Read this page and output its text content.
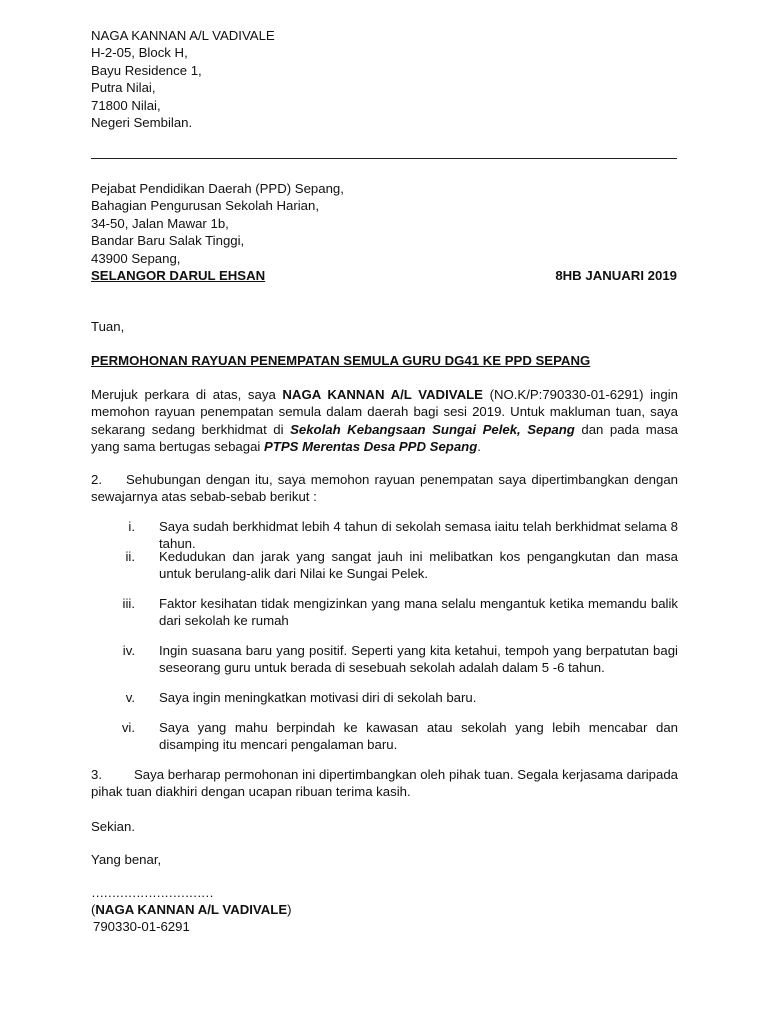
NAGA KANNAN A/L VADIVALE
H-2-05, Block H,
Bayu Residence 1,
Putra Nilai,
71800 Nilai,
Negeri Sembilan.
Pejabat Pendidikan Daerah (PPD) Sepang,
Bahagian Pengurusan Sekolah Harian,
34-50, Jalan Mawar 1b,
Bandar Baru Salak Tinggi,
43900 Sepang,
SELANGOR DARUL EHSAN	8HB JANUARI 2019
Tuan,
PERMOHONAN RAYUAN PENEMPATAN SEMULA GURU DG41 KE PPD SEPANG
Merujuk perkara di atas, saya NAGA KANNAN A/L VADIVALE (NO.K/P:790330-01-6291) ingin memohon rayuan penempatan semula dalam daerah bagi sesi 2019. Untuk makluman tuan, saya sekarang sedang berkhidmat di Sekolah Kebangsaan Sungai Pelek, Sepang dan pada masa yang sama bertugas sebagai PTPS Merentas Desa PPD Sepang.
2. Sehubungan dengan itu, saya memohon rayuan penempatan saya dipertimbangkan dengan sewajarnya atas sebab-sebab berikut :
i. Saya sudah berkhidmat lebih 4 tahun di sekolah semasa iaitu telah berkhidmat selama 8 tahun.
ii. Kedudukan dan jarak yang sangat jauh ini melibatkan kos pengangkutan dan masa untuk berulang-alik dari Nilai ke Sungai Pelek.
iii. Faktor kesihatan tidak mengizinkan yang mana selalu mengantuk ketika memandu balik dari sekolah ke rumah
iv. Ingin suasana baru yang positif. Seperti yang kita ketahui, tempoh yang berpatutan bagi seseorang guru untuk berada di sesebuah sekolah adalah dalam 5 -6 tahun.
v. Saya ingin meningkatkan motivasi diri di sekolah baru.
vi. Saya yang mahu berpindah ke kawasan atau sekolah yang lebih mencabar dan disamping itu mencari pengalaman baru.
3. Saya berharap permohonan ini dipertimbangkan oleh pihak tuan. Segala kerjasama daripada pihak tuan diakhiri dengan ucapan ribuan terima kasih.
Sekian.
Yang benar,
…………………………
(NAGA KANNAN A/L VADIVALE)
790330-01-6291
